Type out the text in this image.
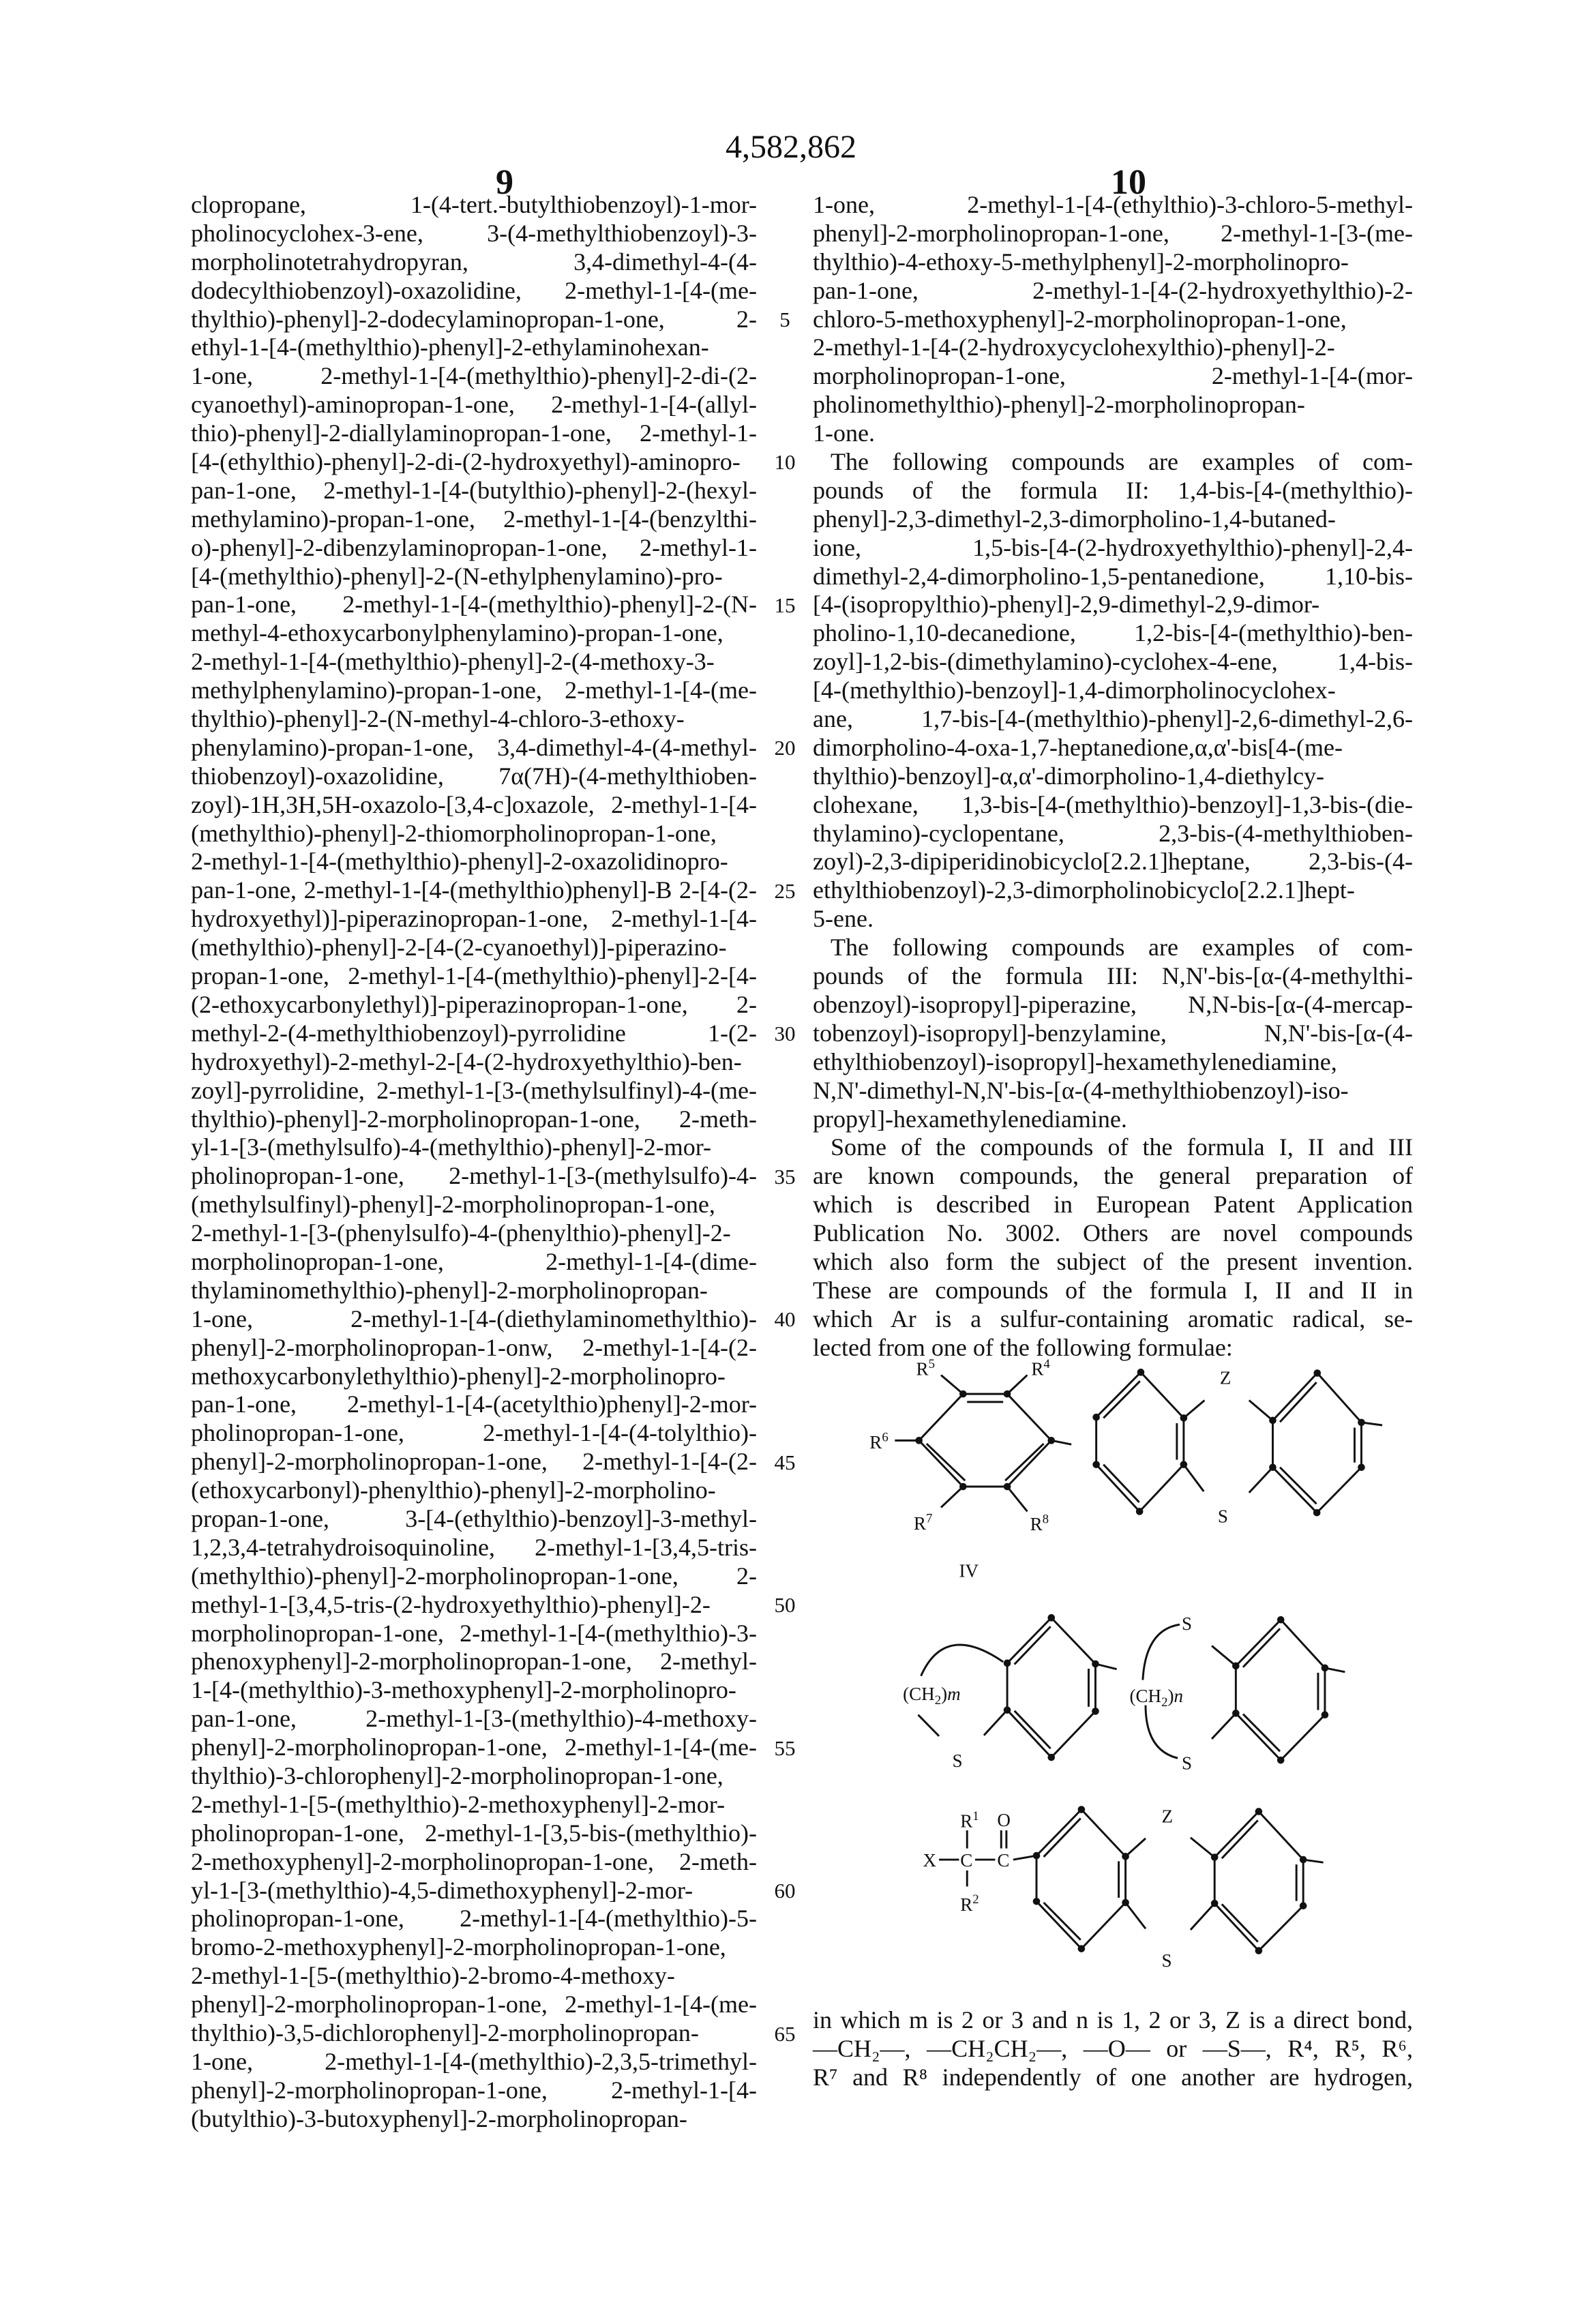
4,582,862
9	10
clopropane, 1-(4-tert.-butylthiobenzoyl)-1-mor-
pholinocyclohex-3-ene, 3-(4-methylthiobenzoyl)-3-
morpholinotetrahydropyran, 3,4-dimethyl-4-(4-
dodecylthiobenzoyl)-oxazolidine, 2-methyl-1-[4-(me-
thylthio)-phenyl]-2-dodecylaminopropan-1-one, 2-
ethyl-1-[4-(methylthio)-phenyl]-2-ethylaminohexan-
1-one, 2-methyl-1-[4-(methylthio)-phenyl]-2-di-(2-
cyanoethyl)-aminopropan-1-one, 2-methyl-1-[4-(allyl-
thio)-phenyl]-2-diallylaminopropan-1-one, 2-methyl-1-
[4-(ethylthio)-phenyl]-2-di-(2-hydroxyethyl)-aminopro-
pan-1-one, 2-methyl-1-[4-(butylthio)-phenyl]-2-(hexyl-
methylamino)-propan-1-one, 2-methyl-1-[4-(benzylthi-
o)-phenyl]-2-dibenzylaminopropan-1-one, 2-methyl-1-
[4-(methylthio)-phenyl]-2-(N-ethylphenylamino)-pro-
pan-1-one, 2-methyl-1-[4-(methylthio)-phenyl]-2-(N-
methyl-4-ethoxycarbonylphenylamino)-propan-1-one,
2-methyl-1-[4-(methylthio)-phenyl]-2-(4-methoxy-3-
methylphenylamino)-propan-1-one, 2-methyl-1-[4-(me-
thylthio)-phenyl]-2-(N-methyl-4-chloro-3-ethoxy-
phenylamino)-propan-1-one, 3,4-dimethyl-4-(4-methyl-
thiobenzoyl)-oxazolidine, 7α(7H)-(4-methylthioben-
zoyl)-1H,3H,5H-oxazolo-[3,4-c]oxazole, 2-methyl-1-[4-
(methylthio)-phenyl]-2-thiomorpholinopropan-1-one,
2-methyl-1-[4-(methylthio)-phenyl]-2-oxazolidinopro-
pan-1-one, 2-methyl-1-[4-(methylthio)phenyl]-B 2-[4-(2-
hydroxyethyl)]-piperazinopropan-1-one, 2-methyl-1-[4-
(methylthio)-phenyl]-2-[4-(2-cyanoethyl)]-piperazino-
propan-1-one, 2-methyl-1-[4-(methylthio)-phenyl]-2-[4-
(2-ethoxycarbonylethyl)]-piperazinopropan-1-one, 2-
methyl-2-(4-methylthiobenzoyl)-pyrrolidine 1-(2-
hydroxyethyl)-2-methyl-2-[4-(2-hydroxyethylthio)-ben-
zoyl]-pyrrolidine, 2-methyl-1-[3-(methylsulfinyl)-4-(me-
thylthio)-phenyl]-2-morpholinopropan-1-one, 2-meth-
yl-1-[3-(methylsulfo)-4-(methylthio)-phenyl]-2-mor-
pholinopropan-1-one, 2-methyl-1-[3-(methylsulfo)-4-
(methylsulfinyl)-phenyl]-2-morpholinopropan-1-one,
2-methyl-1-[3-(phenylsulfo)-4-(phenylthio)-phenyl]-2-
morpholinopropan-1-one, 2-methyl-1-[4-(dime-
thylaminomethylthio)-phenyl]-2-morpholinopropan-
1-one, 2-methyl-1-[4-(diethylaminomethylthio)-
phenyl]-2-morpholinopropan-1-onw, 2-methyl-1-[4-(2-
methoxycarbonylethylthio)-phenyl]-2-morpholinopro-
pan-1-one, 2-methyl-1-[4-(acetylthio)phenyl]-2-mor-
pholinopropan-1-one, 2-methyl-1-[4-(4-tolylthio)-
phenyl]-2-morpholinopropan-1-one, 2-methyl-1-[4-(2-
(ethoxycarbonyl)-phenylthio)-phenyl]-2-morpholino-
propan-1-one, 3-[4-(ethylthio)-benzoyl]-3-methyl-
1,2,3,4-tetrahydroisoquinoline, 2-methyl-1-[3,4,5-tris-
(methylthio)-phenyl]-2-morpholinopropan-1-one, 2-
methyl-1-[3,4,5-tris-(2-hydroxyethylthio)-phenyl]-2-
morpholinopropan-1-one, 2-methyl-1-[4-(methylthio)-3-
phenoxyphenyl]-2-morpholinopropan-1-one, 2-methyl-
1-[4-(methylthio)-3-methoxyphenyl]-2-morpholinopro-
pan-1-one, 2-methyl-1-[3-(methylthio)-4-methoxy-
phenyl]-2-morpholinopropan-1-one, 2-methyl-1-[4-(me-
thylthio)-3-chlorophenyl]-2-morpholinopropan-1-one,
2-methyl-1-[5-(methylthio)-2-methoxyphenyl]-2-mor-
pholinopropan-1-one, 2-methyl-1-[3,5-bis-(methylthio)-
2-methoxyphenyl]-2-morpholinopropan-1-one, 2-meth-
yl-1-[3-(methylthio)-4,5-dimethoxyphenyl]-2-mor-
pholinopropan-1-one, 2-methyl-1-[4-(methylthio)-5-
bromo-2-methoxyphenyl]-2-morpholinopropan-1-one,
2-methyl-1-[5-(methylthio)-2-bromo-4-methoxy-
phenyl]-2-morpholinopropan-1-one, 2-methyl-1-[4-(me-
thylthio)-3,5-dichlorophenyl]-2-morpholinopropan-
1-one, 2-methyl-1-[4-(methylthio)-2,3,5-trimethyl-
phenyl]-2-morpholinopropan-1-one, 2-methyl-1-[4-
(butylthio)-3-butoxyphenyl]-2-morpholinopropan-
5
10
15
20
25
30
35
40
45
50
55
60
65
1-one, 2-methyl-1-[4-(ethylthio)-3-chloro-5-methyl-
phenyl]-2-morpholinopropan-1-one, 2-methyl-1-[3-(me-
thylthio)-4-ethoxy-5-methylphenyl]-2-morpholinopro-
pan-1-one, 2-methyl-1-[4-(2-hydroxyethylthio)-2-
chloro-5-methoxyphenyl]-2-morpholinopropan-1-one,
2-methyl-1-[4-(2-hydroxycyclohexylthio)-phenyl]-2-
morpholinopropan-1-one, 2-methyl-1-[4-(mor-
pholinomethylthio)-phenyl]-2-morpholinopropan-
1-one.
The following compounds are examples of com-
pounds of the formula II: 1,4-bis-[4-(methylthio)-
phenyl]-2,3-dimethyl-2,3-dimorpholino-1,4-butaned-
ione, 1,5-bis-[4-(2-hydroxyethylthio)-phenyl]-2,4-
dimethyl-2,4-dimorpholino-1,5-pentanedione, 1,10-bis-
[4-(isopropylthio)-phenyl]-2,9-dimethyl-2,9-dimor-
pholino-1,10-decanedione, 1,2-bis-[4-(methylthio)-ben-
zoyl]-1,2-bis-(dimethylamino)-cyclohex-4-ene, 1,4-bis-
[4-(methylthio)-benzoyl]-1,4-dimorpholinocyclohex-
ane, 1,7-bis-[4-(methylthio)-phenyl]-2,6-dimethyl-2,6-
dimorpholino-4-oxa-1,7-heptanedione,α,α'-bis[4-(me-
thylthio)-benzoyl]-α,α'-dimorpholino-1,4-diethylcy-
clohexane, 1,3-bis-[4-(methylthio)-benzoyl]-1,3-bis-(die-
thylamino)-cyclopentane, 2,3-bis-(4-methylthioben-
zoyl)-2,3-dipiperidinobicyclo[2.2.1]heptane, 2,3-bis-(4-
ethylthiobenzoyl)-2,3-dimorpholinobicyclo[2.2.1]hept-
5-ene.
The following compounds are examples of com-
pounds of the formula III: N,N'-bis-[α-(4-methylthi-
obenzoyl)-isopropyl]-piperazine, N,N-bis-[α-(4-mercap-
tobenzoyl)-isopropyl]-benzylamine, N,N'-bis-[α-(4-
ethylthiobenzoyl)-isopropyl]-hexamethylenediamine,
N,N'-dimethyl-N,N'-bis-[α-(4-methylthiobenzoyl)-iso-
propyl]-hexamethylenediamine.
Some of the compounds of the formula I, II and III
are known compounds, the general preparation of
which is described in European Patent Application
Publication No. 3002. Others are novel compounds
which also form the subject of the present invention.
These are compounds of the formula I, II and II in
which Ar is a sulfur-containing aromatic radical, se-
lected from one of the following formulae:
in which m is 2 or 3 and n is 1, 2 or 3, Z is a direct bond,
—CH₂—, —CH₂CH₂—, —O— or —S—, R⁴, R⁵, R⁶,
R⁷ and R⁸ independently of one another are hydrogen,
R5	R4
R6
R7	R8
IV
Z
S
(CH2)m
S
(CH2)n
S
S
X C C
O
R1
R2
Z
S
